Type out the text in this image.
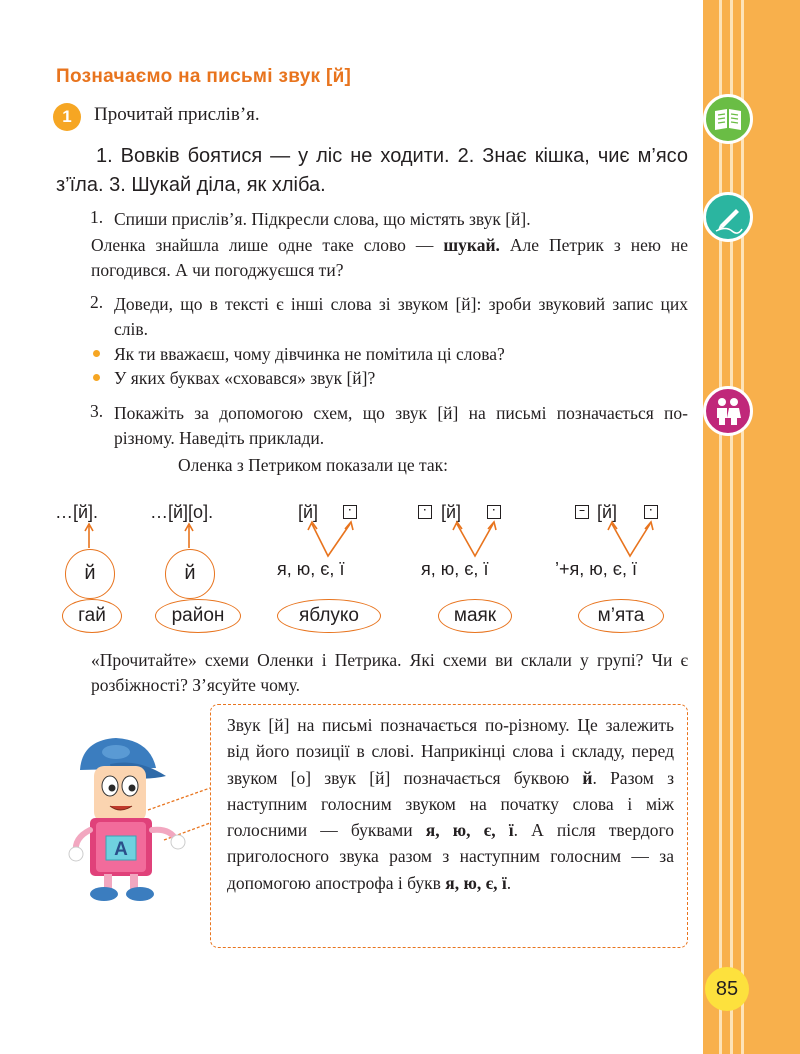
Позначаємо на письмі звук [й]
1	Прочитай прислів’я.
1. Вовків боятися — у ліс не ходити. 2. Знає кішка, чиє м’ясо з’їла. 3. Шукай діла, як хліба.
1. Спиши прислів’я. Підкресли слова, що містять звук [й].
Оленка знайшла лише одне таке слово — шукай. Але Петрик з нею не погодився. А чи погоджуєшся ти?
2. Доведи, що в тексті є інші слова зі звуком [й]: зроби звуковий запис цих слів.
Як ти вважаєш, чому дівчинка не помітила ці слова?
У яких буквах «сховався» звук [й]?
3. Покажіть за допомогою схем, що звук [й] на письмі позначається по-різному. Наведіть приклади.
Оленка з Петриком показали це так:
…[й].	…[й][о].	[й]	·	· [й]	·	– [й]	·
й	й	я, ю, є, ї	я, ю, є, ї	’+я, ю, є, ї
гай	район	яблуко	маяк	м’ята
«Прочитайте» схеми Оленки і Петрика. Які схеми ви склали у групі? Чи є розбіжності? З’ясуйте чому.
А
Звук [й] на письмі позначається по-різному. Це залежить від його позиції в слові. Наприкінці слова і складу, перед звуком [о] звук [й] позначається буквою й. Разом з наступним голосним звуком на початку слова і між голосними — буквами я, ю, є, ї. А після твердого приголосного звука разом з наступним голосним — за допомогою апострофа і букв я, ю, є, ї.
85
